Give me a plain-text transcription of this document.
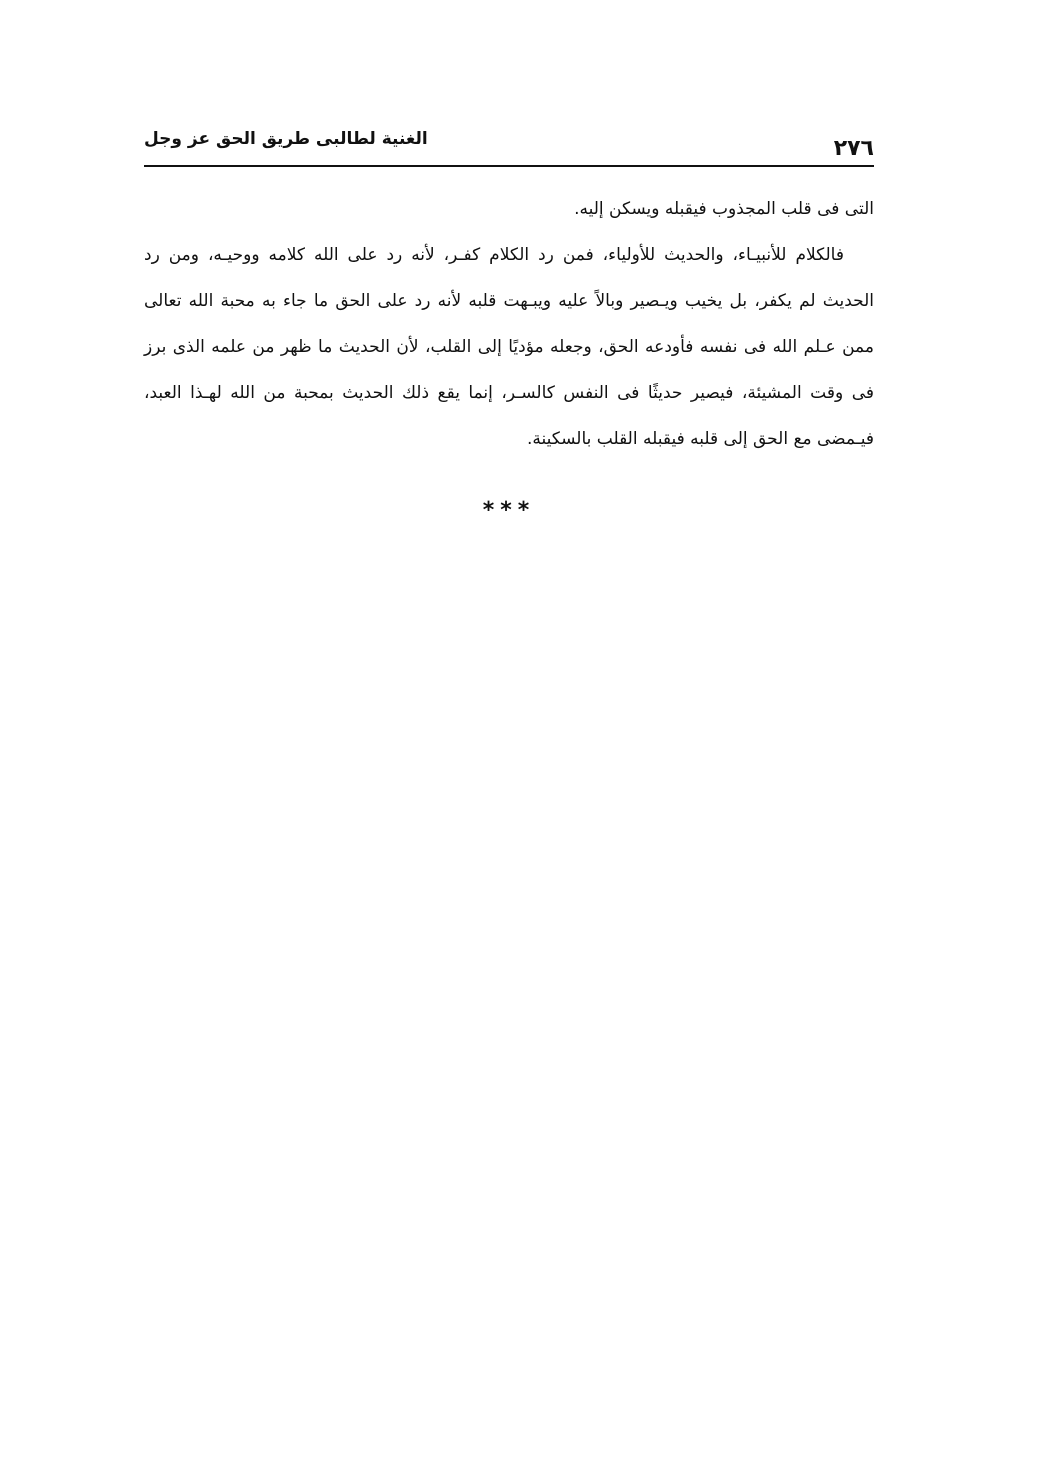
٢٧٦
الغنية لطالبى طريق الحق عز وجل

التى فى قلب المجذوب فيقبله ويسكن إليه.

فالكلام للأنبيـاء، والحديث للأولياء، فمن رد الكلام كفـر، لأنه رد على الله كلامه ووحيـه، ومن رد الحديث لم يكفر، بل يخيب ويـصير وبالاً عليه ويبـهت قلبه لأنه رد على الحق ما جاء به محبة الله تعالى ممن عـلم الله فى نفسه فأودعه الحق، وجعله مؤديًا إلى القلب، لأن الحديث ما ظهر من علمه الذى برز فى وقت المشيئة، فيصير حديثًا فى النفس كالسـر، إنما يقع ذلك الحديث بمحبة من الله لهـذا العبد، فيـمضى مع الحق إلى قلبه فيقبله القلب بالسكينة.

***
